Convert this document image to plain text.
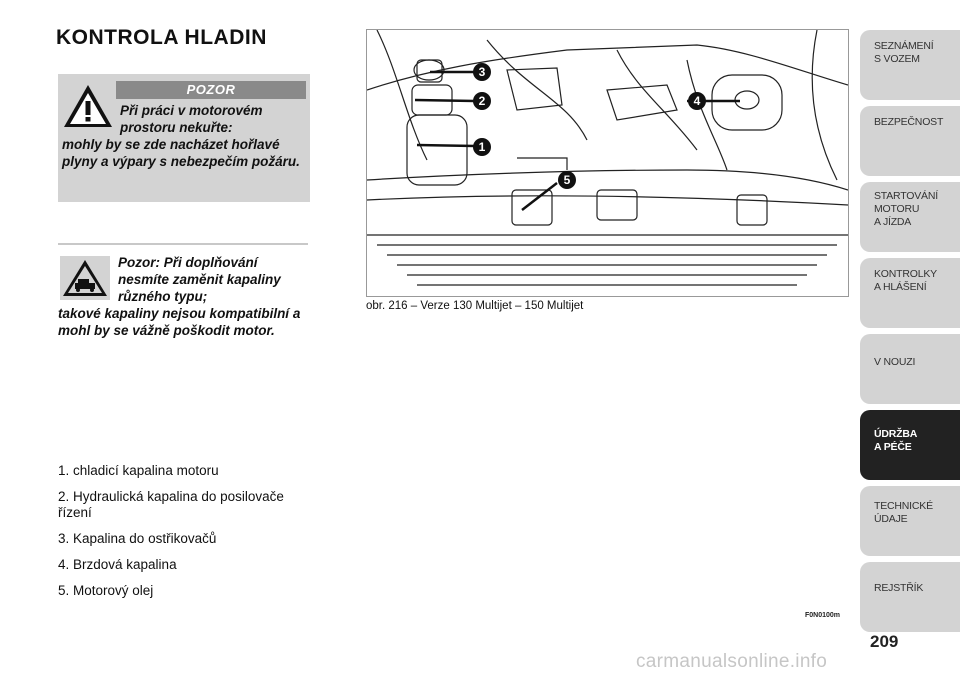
KONTROLA HLADIN
POZOR
Při práci v motorovém prostoru nekuřte:
mohly by se zde nacházet hořlavé plyny a výpary s nebezpečím požáru.
Pozor: Při doplňování nesmíte zaměnit kapaliny různého typu;
takové kapaliny nejsou kompatibilní a mohl by se vážně poškodit motor.
1. chladicí kapalina motoru
2. Hydraulická kapalina do posilovače řízení
3. Kapalina do ostřikovačů
4. Brzdová kapalina
5. Motorový olej
1
2
3
4
5
obr. 216 – Verze 130 Multijet – 150 Multijet
F0N0100m
SEZNÁMENÍ
S VOZEM
BEZPEČNOST
STARTOVÁNÍ
MOTORU
A JÍZDA
KONTROLKY
A HLÁŠENÍ
V NOUZI
ÚDRŽBA
A PÉČE
TECHNICKÉ
ÚDAJE
REJSTŘÍK
209
carmanualsonline.info
